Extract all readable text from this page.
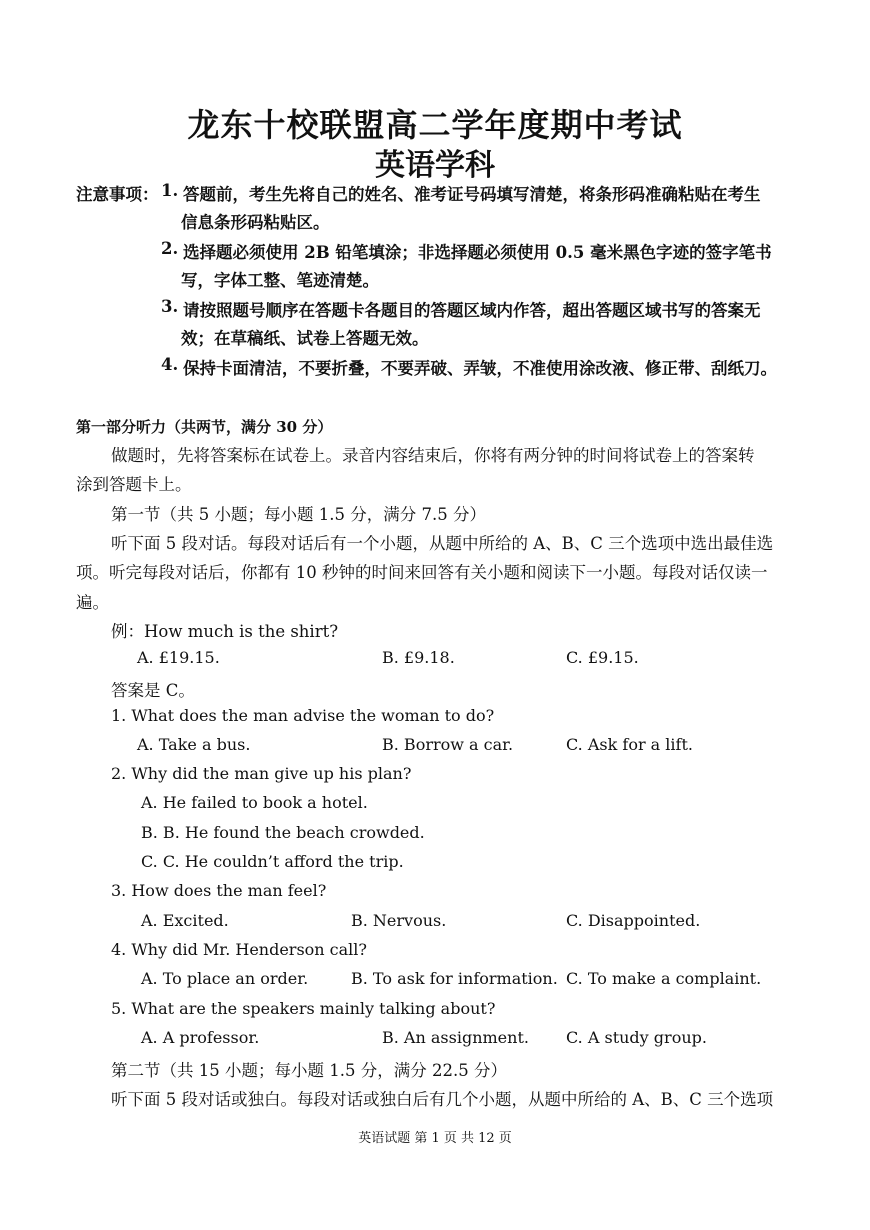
龙东十校联盟高二学年度期中考试
英语学科
注意事项： 1. 答题前，考生先将自己的姓名、准考证号码填写清楚，将条形码准确粘贴在考生
信息条形码粘贴区。
2. 选择题必须使用 2B 铅笔填涂；非选择题必须使用 0.5 毫米黑色字迹的签字笔书
写，字体工整、笔迹清楚。
3. 请按照题号顺序在答题卡各题目的答题区域内作答，超出答题区域书写的答案无
效；在草稿纸、试卷上答题无效。
4. 保持卡面清洁，不要折叠，不要弄破、弄皱，不准使用涂改液、修正带、刮纸刀。
第一部分听力（共两节，满分 30 分）
做题时，先将答案标在试卷上。录音内容结束后，你将有两分钟的时间将试卷上的答案转
涂到答题卡上。
第一节（共 5 小题；每小题 1.5 分，满分 7.5 分）
听下面 5 段对话。每段对话后有一个小题，从题中所给的 A、B、C 三个选项中选出最佳选
项。听完每段对话后，你都有 10 秒钟的时间来回答有关小题和阅读下一小题。每段对话仅读一
遍。
例：How much is the shirt?
A. £19.15.	B. £9.18.	C. £9.15.
答案是 C。
1. What does the man advise the woman to do?
A. Take a bus.	B. Borrow a car.	C. Ask for a lift.
2. Why did the man give up his plan?
A. He failed to book a hotel.
B. B. He found the beach crowded.
C. C. He couldn’t afford the trip.
3. How does the man feel?
A. Excited.	B. Nervous.	C. Disappointed.
4. Why did Mr. Henderson call?
A. To place an order.	B. To ask for information. C. To make a complaint.
5. What are the speakers mainly talking about?
A. A professor.	B. An assignment. C. A study group.
第二节（共 15 小题；每小题 1.5 分，满分 22.5 分）
听下面 5 段对话或独白。每段对话或独白后有几个小题，从题中所给的 A、B、C 三个选项
英语试题 第 1 页 共 12 页
